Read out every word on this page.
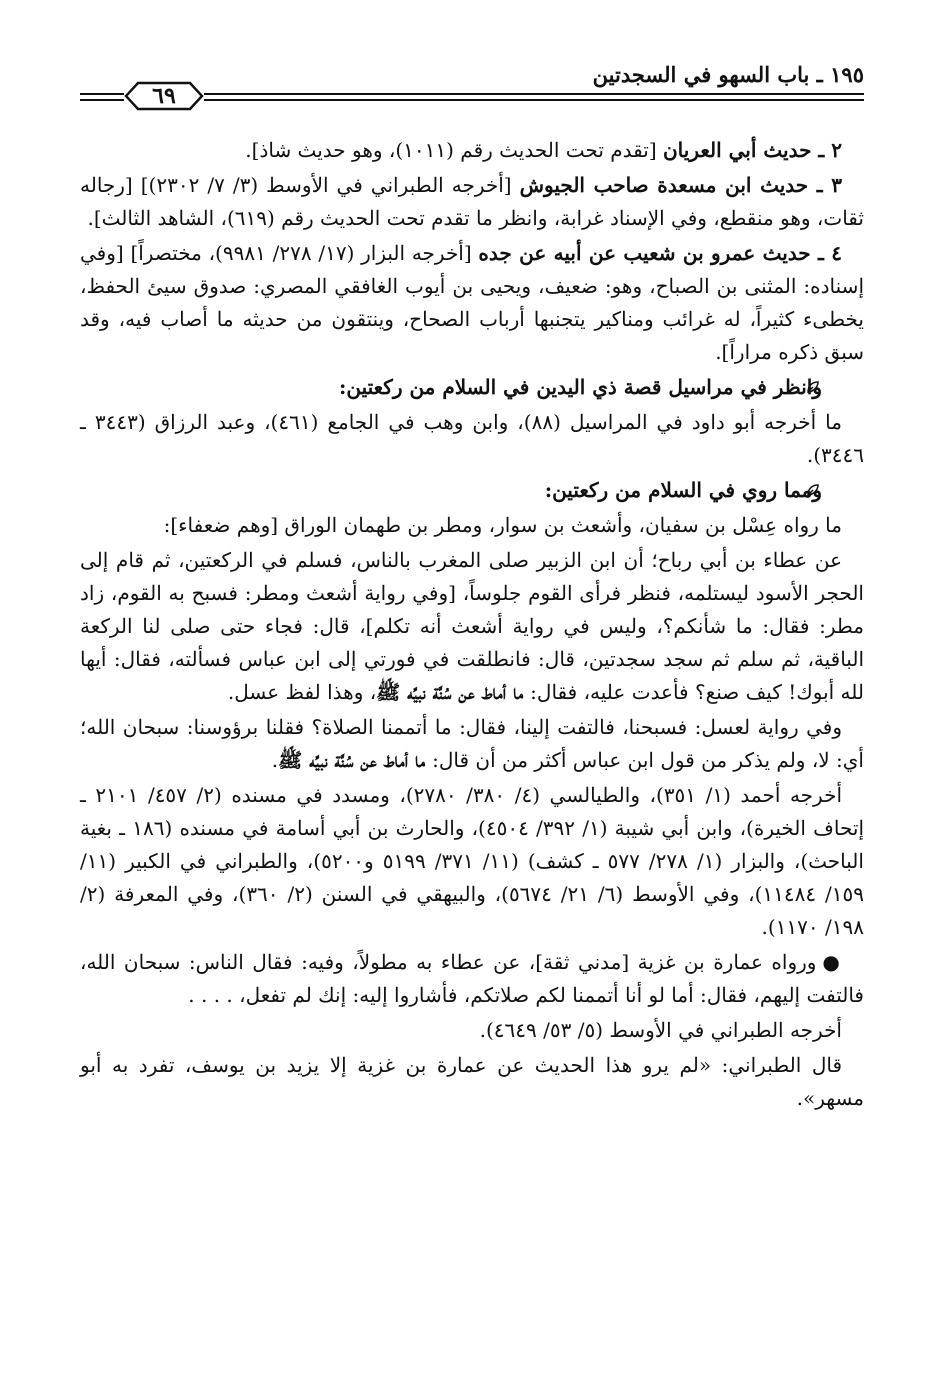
١٩٥ ـ باب السهو في السجدتين
٦٩

٢ ـ حديث أبي العريان [تقدم تحت الحديث رقم (١٠١١)، وهو حديث شاذ].

٣ ـ حديث ابن مسعدة صاحب الجيوش [أخرجه الطبراني في الأوسط (٣/ ٧/ ٢٣٠٢)] [رجاله ثقات، وهو منقطع، وفي الإسناد غرابة، وانظر ما تقدم تحت الحديث رقم (٦١٩)، الشاهد الثالث].

٤ ـ حديث عمرو بن شعيب عن أبيه عن جده [أخرجه البزار (١٧/ ٢٧٨/ ٩٩٨١)، مختصراً] [وفي إسناده: المثنى بن الصباح، وهو: ضعيف، ويحيى بن أيوب الغافقي المصري: صدوق سيئ الحفظ، يخطىء كثيراً، له غرائب ومناكير يتجنبها أرباب الصحاح، وينتقون من حديثه ما أصاب فيه، وقد سبق ذكره مراراً].

وانظر في مراسيل قصة ذي اليدين في السلام من ركعتين:

ما أخرجه أبو داود في المراسيل (٨٨)، وابن وهب في الجامع (٤٦١)، وعبد الرزاق (٣٤٤٣ ـ ٣٤٤٦).

ومما روي في السلام من ركعتين:

ما رواه عِسْل بن سفيان، وأشعث بن سوار، ومطر بن طهمان الوراق [وهم ضعفاء]:

عن عطاء بن أبي رباح؛ أن ابن الزبير صلى المغرب بالناس، فسلم في الركعتين، ثم قام إلى الحجر الأسود ليستلمه، فنظر فرأى القوم جلوساً، [وفي رواية أشعث ومطر: فسبح به القوم، زاد مطر: فقال: ما شأنكم؟، وليس في رواية أشعث أنه تكلم]، قال: فجاء حتى صلى لنا الركعة الباقية، ثم سلم ثم سجد سجدتين، قال: فانطلقت في فورتي إلى ابن عباس فسألته، فقال: أيها لله أبوك! كيف صنع؟ فأعدت عليه، فقال: ما أماط عن سُنَّة نبيِّه ﷺ، وهذا لفظ عسل.

وفي رواية لعسل: فسبحنا، فالتفت إلينا، فقال: ما أتممنا الصلاة؟ فقلنا برؤوسنا: سبحان الله؛ أي: لا، ولم يذكر من قول ابن عباس أكثر من أن قال: ما أماط عن سُنَّة نبيِّه ﷺ.

أخرجه أحمد (١/ ٣٥١)، والطيالسي (٤/ ٣٨٠/ ٢٧٨٠)، ومسدد في مسنده (٢/ ٤٥٧/ ٢١٠١ ـ إتحاف الخيرة)، وابن أبي شيبة (١/ ٣٩٢/ ٤٥٠٤)، والحارث بن أبي أسامة في مسنده (١٨٦ ـ بغية الباحث)، والبزار (١/ ٢٧٨/ ٥٧٧ ـ كشف) (١١/ ٣٧١/ ٥١٩٩ و٥٢٠٠)، والطبراني في الكبير (١١/ ١٥٩/ ١١٤٨٤)، وفي الأوسط (٦/ ٢١/ ٥٦٧٤)، والبيهقي في السنن (٢/ ٣٦٠)، وفي المعرفة (٢/ ١٩٨/ ١١٧٠).

●ورواه عمارة بن غزية [مدني ثقة]، عن عطاء به مطولاً، وفيه: فقال الناس: سبحان الله، فالتفت إليهم، فقال: أما لو أنا أتممنا لكم صلاتكم، فأشاروا إليه: إنك لم تفعل، . . . .

أخرجه الطبراني في الأوسط (٥/ ٥٣/ ٤٦٤٩).

قال الطبراني: «لم يرو هذا الحديث عن عمارة بن غزية إلا يزيد بن يوسف، تفرد به أبو مسهر».
